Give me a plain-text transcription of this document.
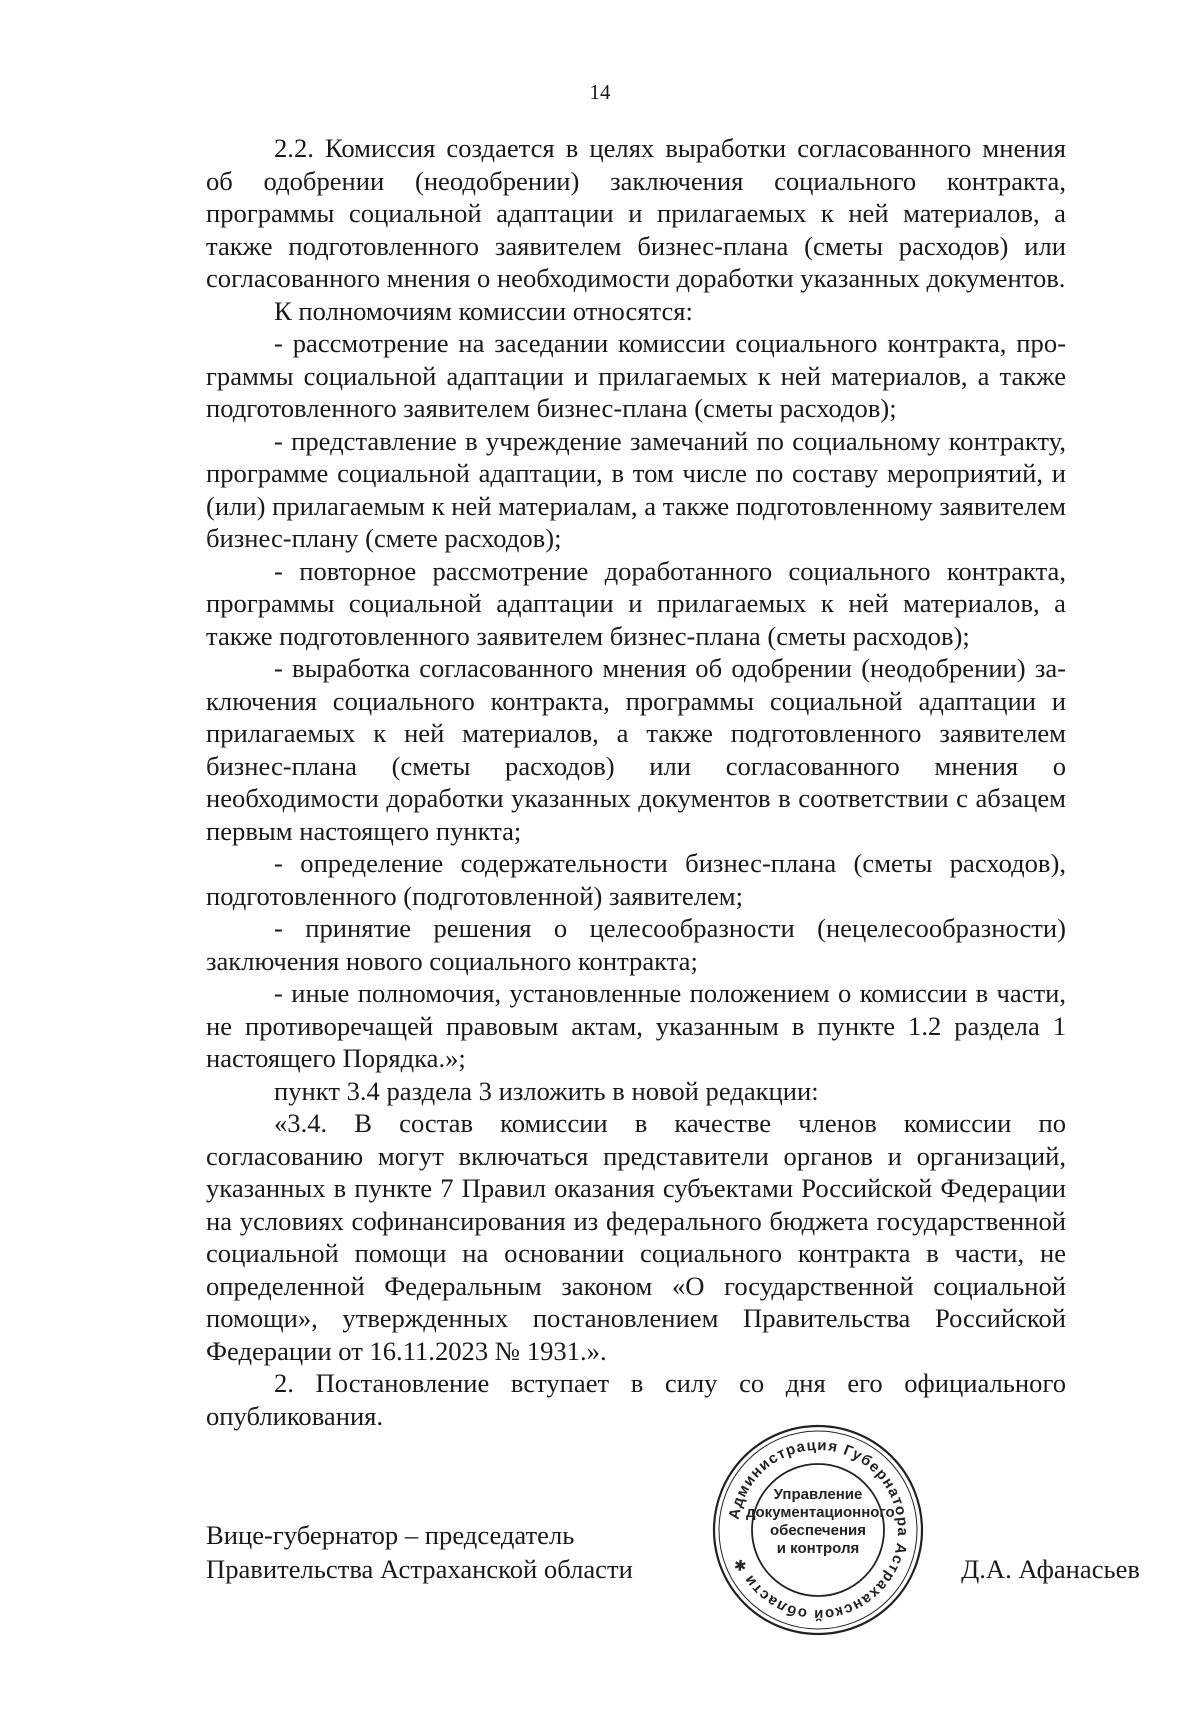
14

2.2. Комиссия создается в целях выработки согласованного мнения об одобрении (неодобрении) заключения социального контракта, программы социальной адаптации и прилагаемых к ней материалов, а также подготовленного заявителем бизнес-плана (сметы расходов) или согласованного мнения о необходимости доработки указанных документов.

К полномочиям комиссии относятся:

- рассмотрение на заседании комиссии социального контракта, программы социальной адаптации и прилагаемых к ней материалов, а также подготовленного заявителем бизнес-плана (сметы расходов);

- представление в учреждение замечаний по социальному контракту, программе социальной адаптации, в том числе по составу мероприятий, и (или) прилагаемым к ней материалам, а также подготовленному заявителем бизнес-плану (смете расходов);

- повторное рассмотрение доработанного социального контракта, программы социальной адаптации и прилагаемых к ней материалов, а также подготовленного заявителем бизнес-плана (сметы расходов);

- выработка согласованного мнения об одобрении (неодобрении) заключения социального контракта, программы социальной адаптации и прилагаемых к ней материалов, а также подготовленного заявителем бизнес-плана (сметы расходов) или согласованного мнения о необходимости доработки указанных документов в соответствии с абзацем первым настоящего пункта;

- определение содержательности бизнес-плана (сметы расходов), подготовленного (подготовленной) заявителем;

- принятие решения о целесообразности (нецелесообразности) заключения нового социального контракта;

- иные полномочия, установленные положением о комиссии в части, не противоречащей правовым актам, указанным в пункте 1.2 раздела 1 настоящего Порядка.»;

пункт 3.4 раздела 3 изложить в новой редакции:

«3.4. В состав комиссии в качестве членов комиссии по согласованию могут включаться представители органов и организаций, указанных в пункте 7 Правил оказания субъектами Российской Федерации на условиях софинансирования из федерального бюджета государственной социальной помощи на основании социального контракта в части, не определенной Федеральным законом «О государственной социальной помощи», утвержденных постановлением Правительства Российской Федерации от 16.11.2023 № 1931.».

2. Постановление вступает в силу со дня его официального опубликования.

Вице-губернатор – председатель
Правительства Астраханской области
Администрация Губернатора Астраханской области ✱
Управление
документационного
обеспечения
и контроля
Д.А. Афанасьев
